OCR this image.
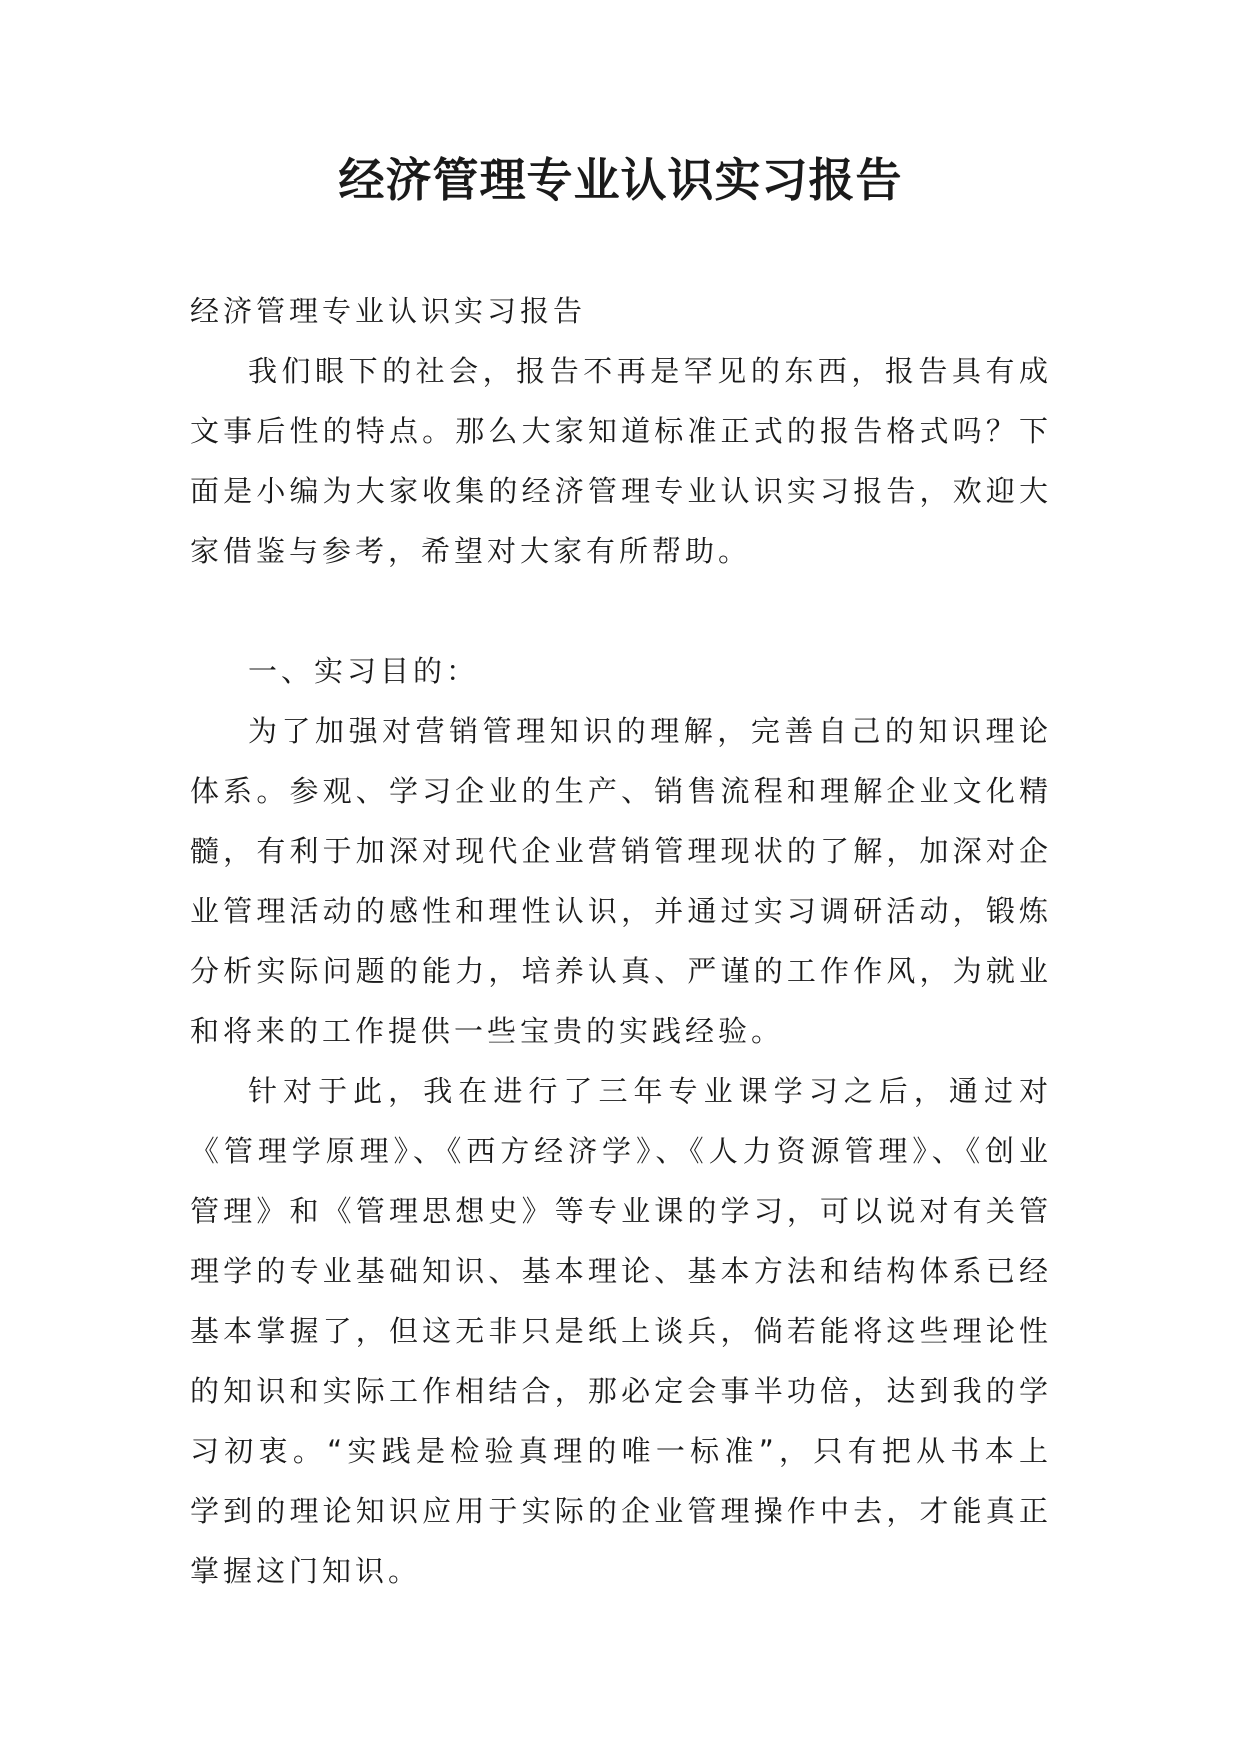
经济管理专业认识实习报告

经济管理专业认识实习报告

我们眼下的社会，报告不再是罕见的东西，报告具有成文事后性的特点。那么大家知道标准正式的报告格式吗？下面是小编为大家收集的经济管理专业认识实习报告，欢迎大家借鉴与参考，希望对大家有所帮助。

一、实习目的：

为了加强对营销管理知识的理解，完善自己的知识理论体系。参观、学习企业的生产、销售流程和理解企业文化精髓，有利于加深对现代企业营销管理现状的了解，加深对企业管理活动的感性和理性认识，并通过实习调研活动，锻炼分析实际问题的能力，培养认真、严谨的工作作风，为就业和将来的工作提供一些宝贵的实践经验。

针对于此，我在进行了三年专业课学习之后，通过对《管理学原理》、《西方经济学》、《人力资源管理》、《创业管理》和《管理思想史》等专业课的学习，可以说对有关管理学的专业基础知识、基本理论、基本方法和结构体系已经基本掌握了，但这无非只是纸上谈兵，倘若能将这些理论性的知识和实际工作相结合，那必定会事半功倍，达到我的学习初衷。“实践是检验真理的唯一标准”，只有把从书本上学到的理论知识应用于实际的企业管理操作中去，才能真正掌握这门知识。
